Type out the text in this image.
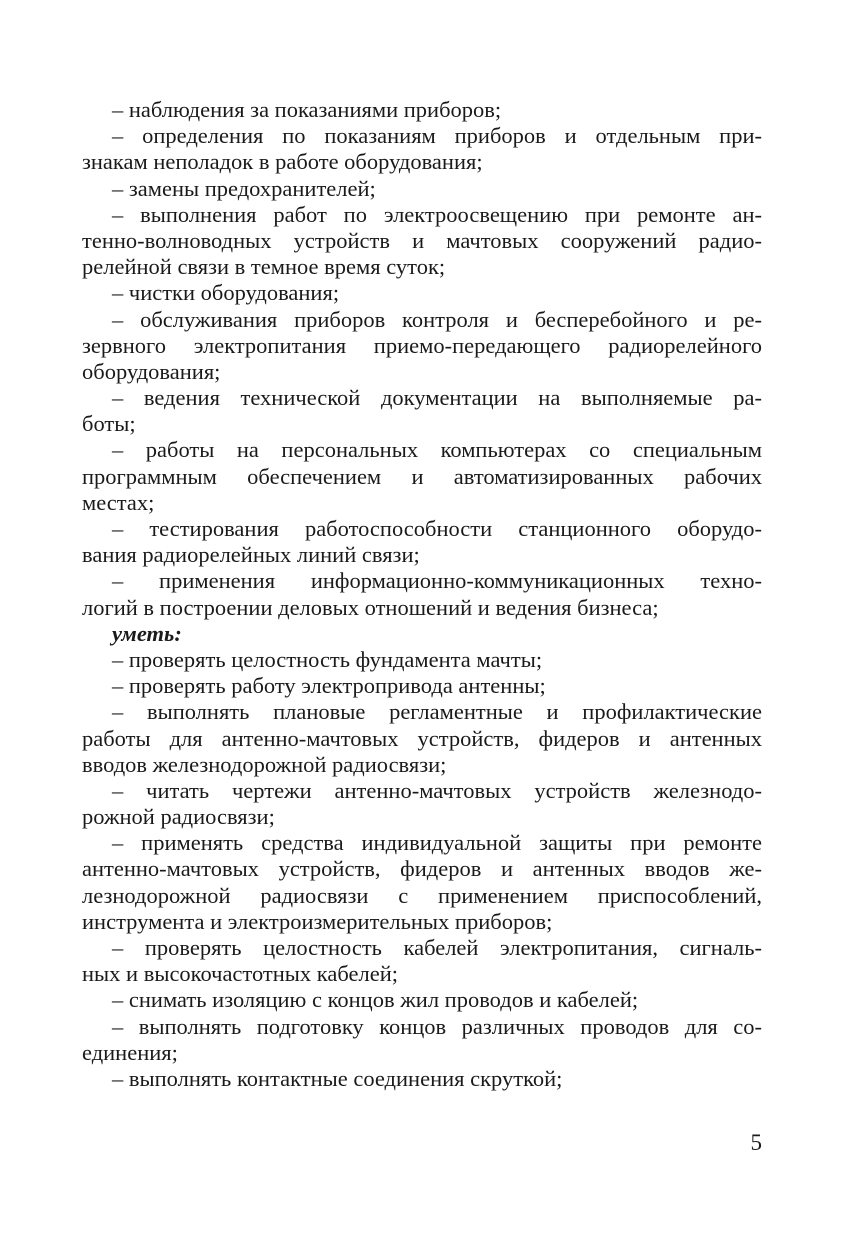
– наблюдения за показаниями приборов;
– определения по показаниям приборов и отдельным при-
знакам неполадок в работе оборудования;
– замены предохранителей;
– выполнения работ по электроосвещению при ремонте ан-
тенно-волноводных устройств и мачтовых сооружений радио-
релейной связи в темное время суток;
– чистки оборудования;
– обслуживания приборов контроля и бесперебойного и ре-
зервного электропитания приемо-передающего радиорелейного
оборудования;
– ведения технической документации на выполняемые ра-
боты;
– работы на персональных компьютерах со специальным
программным обеспечением и автоматизированных рабочих
местах;
– тестирования работоспособности станционного оборудо-
вания радиорелейных линий связи;
– применения информационно-коммуникационных техно-
логий в построении деловых отношений и ведения бизнеса;
уметь:
– проверять целостность фундамента мачты;
– проверять работу электропривода антенны;
– выполнять плановые регламентные и профилактические
работы для антенно-мачтовых устройств, фидеров и антенных
вводов железнодорожной радиосвязи;
– читать чертежи антенно-мачтовых устройств железнодо-
рожной радиосвязи;
– применять средства индивидуальной защиты при ремонте
антенно-мачтовых устройств, фидеров и антенных вводов же-
лезнодорожной радиосвязи с применением приспособлений,
инструмента и электроизмерительных приборов;
– проверять целостность кабелей электропитания, сигналь-
ных и высокочастотных кабелей;
– снимать изоляцию с концов жил проводов и кабелей;
– выполнять подготовку концов различных проводов для со-
единения;
– выполнять контактные соединения скруткой;
5
